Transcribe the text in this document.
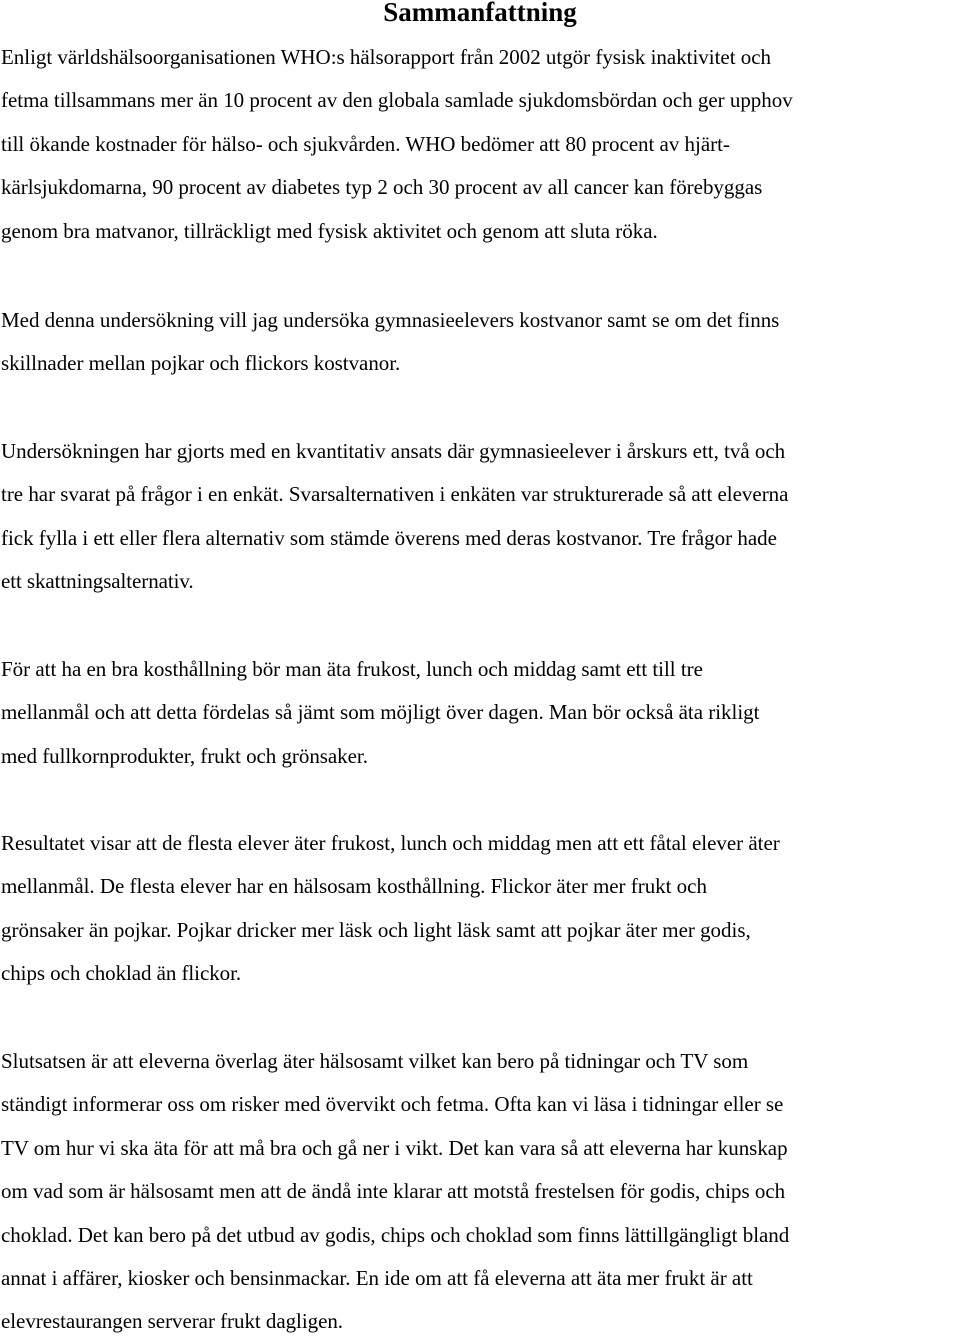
Sammanfattning

Enligt världshälsoorganisationen WHO:s hälsorapport från 2002 utgör fysisk inaktivitet och
fetma tillsammans mer än 10 procent av den globala samlade sjukdomsbördan och ger upphov
till ökande kostnader för hälso- och sjukvården. WHO bedömer att 80 procent av hjärt-
kärlsjukdomarna, 90 procent av diabetes typ 2 och 30 procent av all cancer kan förebyggas
genom bra matvanor, tillräckligt med fysisk aktivitet och genom att sluta röka.

Med denna undersökning vill jag undersöka gymnasieelevers kostvanor samt se om det finns
skillnader mellan pojkar och flickors kostvanor.

Undersökningen har gjorts med en kvantitativ ansats där gymnasieelever i årskurs ett, två och
tre har svarat på frågor i en enkät. Svarsalternativen i enkäten var strukturerade så att eleverna
fick fylla i ett eller flera alternativ som stämde överens med deras kostvanor. Tre frågor hade
ett skattningsalternativ.

För att ha en bra kosthållning bör man äta frukost, lunch och middag samt ett till tre
mellanmål och att detta fördelas så jämt som möjligt över dagen. Man bör också äta rikligt
med fullkornprodukter, frukt och grönsaker.

Resultatet visar att de flesta elever äter frukost, lunch och middag men att ett fåtal elever äter
mellanmål. De flesta elever har en hälsosam kosthållning. Flickor äter mer frukt och
grönsaker än pojkar. Pojkar dricker mer läsk och light läsk samt att pojkar äter mer godis,
chips och choklad än flickor.

Slutsatsen är att eleverna överlag äter hälsosamt vilket kan bero på tidningar och TV som
ständigt informerar oss om risker med övervikt och fetma. Ofta kan vi läsa i tidningar eller se
TV om hur vi ska äta för att må bra och gå ner i vikt. Det kan vara så att eleverna har kunskap
om vad som är hälsosamt men att de ändå inte klarar att motstå frestelsen för godis, chips och
choklad. Det kan bero på det utbud av godis, chips och choklad som finns lättillgängligt bland
annat i affärer, kiosker och bensinmackar. En ide om att få eleverna att äta mer frukt är att
elevrestaurangen serverar frukt dagligen.
